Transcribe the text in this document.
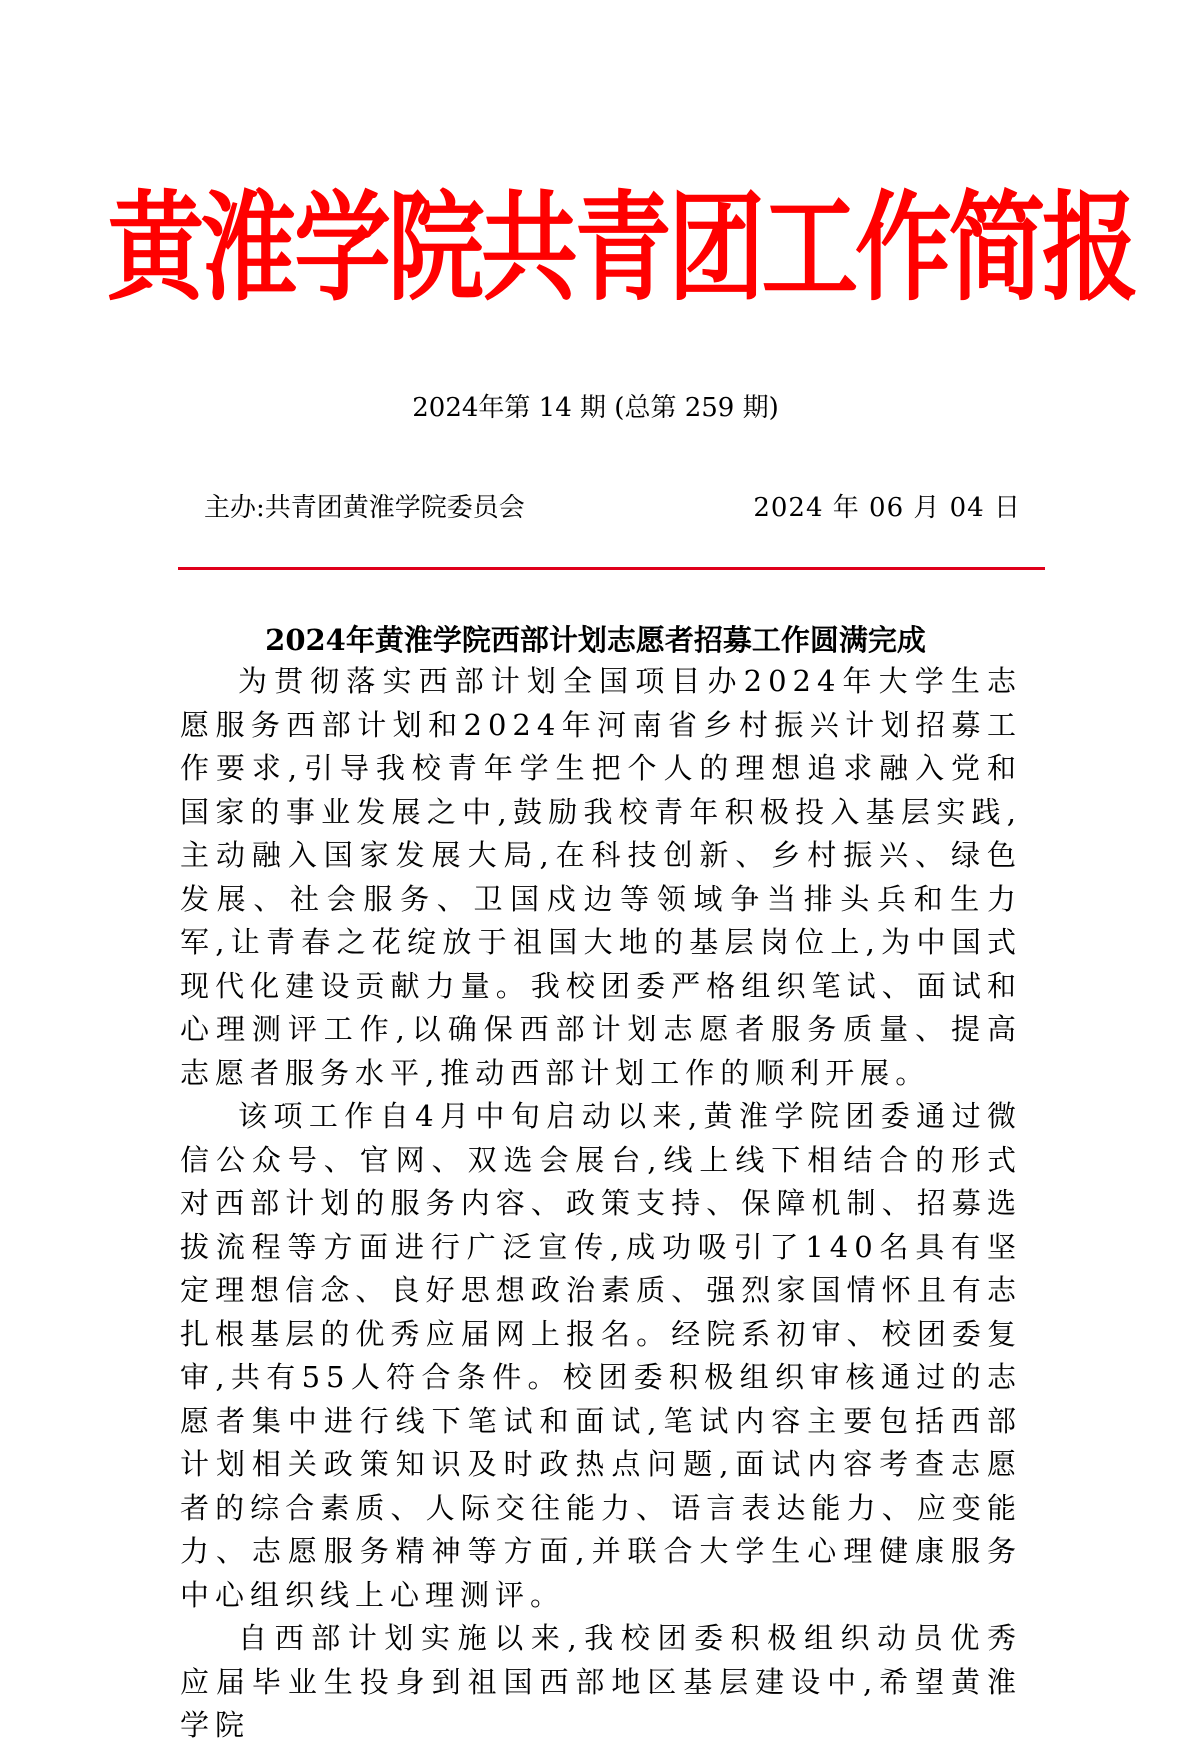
黄淮学院共青团工作简报
2024年第 14 期 (总第 259 期)
主办:共青团黄淮学院委员会	2024 年 06 月 04 日
2024年黄淮学院西部计划志愿者招募工作圆满完成

为贯彻落实西部计划全国项目办2024年大学生志愿服务西部计划和2024年河南省乡村振兴计划招募工作要求,引导我校青年学生把个人的理想追求融入党和国家的事业发展之中,鼓励我校青年积极投入基层实践,主动融入国家发展大局,在科技创新、乡村振兴、绿色发展、社会服务、卫国戍边等领域争当排头兵和生力军,让青春之花绽放于祖国大地的基层岗位上,为中国式现代化建设贡献力量。我校团委严格组织笔试、面试和心理测评工作,以确保西部计划志愿者服务质量、提高志愿者服务水平,推动西部计划工作的顺利开展。

该项工作自4月中旬启动以来,黄淮学院团委通过微信公众号、官网、双选会展台,线上线下相结合的形式对西部计划的服务内容、政策支持、保障机制、招募选拔流程等方面进行广泛宣传,成功吸引了140名具有坚定理想信念、良好思想政治素质、强烈家国情怀且有志扎根基层的优秀应届网上报名。经院系初审、校团委复审,共有55人符合条件。校团委积极组织审核通过的志愿者集中进行线下笔试和面试,笔试内容主要包括西部计划相关政策知识及时政热点问题,面试内容考查志愿者的综合素质、人际交往能力、语言表达能力、应变能力、志愿服务精神等方面,并联合大学生心理健康服务中心组织线上心理测评。

自西部计划实施以来,我校团委积极组织动员优秀应届毕业生投身到祖国西部地区基层建设中,希望黄淮学院
